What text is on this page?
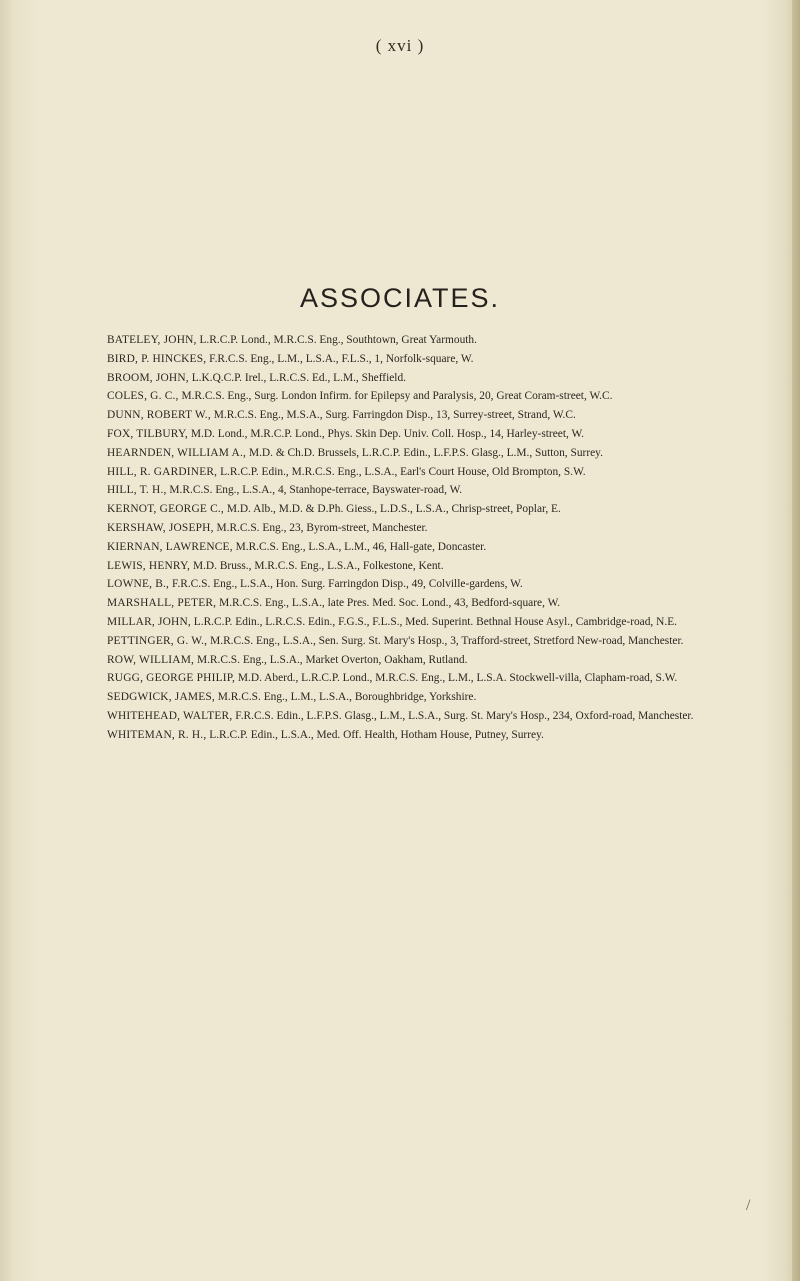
( xvi )
ASSOCIATES.

BATELEY, JOHN, L.R.C.P. Lond., M.R.C.S. Eng., Southtown, Great Yarmouth.

BIRD, P. HINCKES, F.R.C.S. Eng., L.M., L.S.A., F.L.S., 1, Norfolk-square, W.

BROOM, JOHN, L.K.Q.C.P. Irel., L.R.C.S. Ed., L.M., Sheffield.

COLES, G. C., M.R.C.S. Eng., Surg. London Infirm. for Epilepsy and Paralysis, 20, Great Coram-street, W.C.

DUNN, ROBERT W., M.R.C.S. Eng., M.S.A., Surg. Farringdon Disp., 13, Surrey-street, Strand, W.C.

FOX, TILBURY, M.D. Lond., M.R.C.P. Lond., Phys. Skin Dep. Univ. Coll. Hosp., 14, Harley-street, W.

HEARNDEN, WILLIAM A., M.D. & Ch.D. Brussels, L.R.C.P. Edin., L.F.P.S. Glasg., L.M., Sutton, Surrey.

HILL, R. GARDINER, L.R.C.P. Edin., M.R.C.S. Eng., L.S.A., Earl's Court House, Old Brompton, S.W.

HILL, T. H., M.R.C.S. Eng., L.S.A., 4, Stanhope-terrace, Bayswater-road, W.

KERNOT, GEORGE C., M.D. Alb., M.D. & D.Ph. Giess., L.D.S., L.S.A., Chrisp-street, Poplar, E.

KERSHAW, JOSEPH, M.R.C.S. Eng., 23, Byrom-street, Manchester.

KIERNAN, LAWRENCE, M.R.C.S. Eng., L.S.A., L.M., 46, Hall-gate, Doncaster.

LEWIS, HENRY, M.D. Bruss., M.R.C.S. Eng., L.S.A., Folkestone, Kent.

LOWNE, B., F.R.C.S. Eng., L.S.A., Hon. Surg. Farringdon Disp., 49, Colville-gardens, W.

MARSHALL, PETER, M.R.C.S. Eng., L.S.A., late Pres. Med. Soc. Lond., 43, Bedford-square, W.

MILLAR, JOHN, L.R.C.P. Edin., L.R.C.S. Edin., F.G.S., F.L.S., Med. Superint. Bethnal House Asyl., Cambridge-road, N.E.

PETTINGER, G. W., M.R.C.S. Eng., L.S.A., Sen. Surg. St. Mary's Hosp., 3, Trafford-street, Stretford New-road, Manchester.

ROW, WILLIAM, M.R.C.S. Eng., L.S.A., Market Overton, Oakham, Rutland.

RUGG, GEORGE PHILIP, M.D. Aberd., L.R.C.P. Lond., M.R.C.S. Eng., L.M., L.S.A. Stockwell-villa, Clapham-road, S.W.

SEDGWICK, JAMES, M.R.C.S. Eng., L.M., L.S.A., Boroughbridge, Yorkshire.

WHITEHEAD, WALTER, F.R.C.S. Edin., L.F.P.S. Glasg., L.M., L.S.A., Surg. St. Mary's Hosp., 234, Oxford-road, Manchester.

WHITEMAN, R. H., L.R.C.P. Edin., L.S.A., Med. Off. Health, Hotham House, Putney, Surrey.

/
